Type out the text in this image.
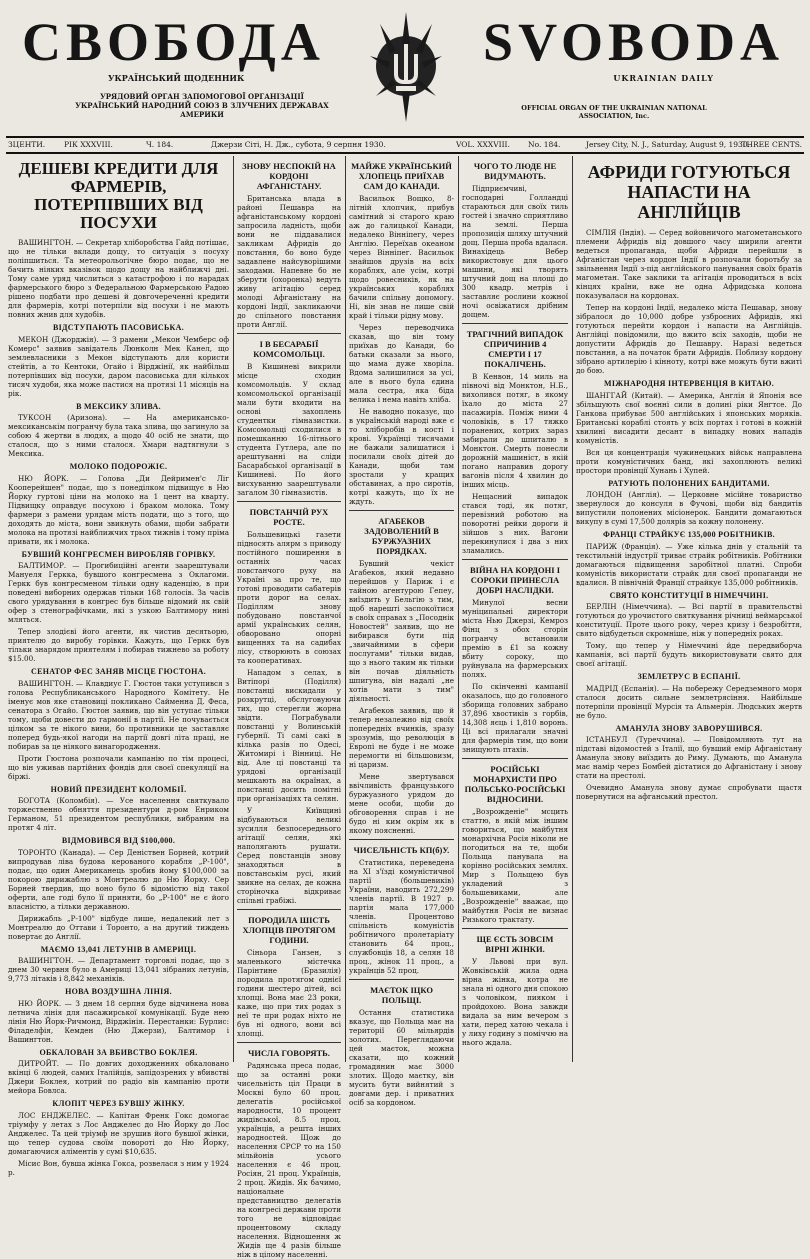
СВОБОДА	SVOBODA
УКРАЇНСЬКИЙ ЩОДЕННИК	UKRAINIAN DAILY
УРЯДОВИЙ ОРГАН ЗАПОМОГОВОЇ ОРГАНІЗАЦІЇ УКРАЇНСЬКИЙ НАРОДНИЙ СОЮЗ В ЗЛУЧЕНИХ ДЕРЖАВАХ АМЕРИКИ
OFFICIAL ORGAN OF THE UKRAINIAN NATIONAL ASSOCIATION, Inc.
ЗЦЕНТИ.	РІК XXXVIII.	Ч. 184.	Джерзи Сіті, Н. Дж., субота, 9 серпня 1930.	VOL. XXXVIII. No. 184.	Jersey City, N. J., Saturday, August 9, 1930.
THREE CENTS.
ДЕШЕВІ КРЕДИТИ ДЛЯ ФАРМЕРІВ, ПОТЕРПІВШИХ ВІД ПОСУХИ

ВАШИНГТОН. — Секретар хліборобства Гайд потішає, що не тільки вклади дощу, то ситуація з посуху поліпшиться. Та метеорольогічне бюро подає, що не бачить ніяких вказівок щодо дощу на найближчі дні. Тому саме уряд числиться з катастрофою і по нарадах фармерського бюро з Федеральною Фармерською Радою рішено подбати про дешеві й довгочереченні кредити для фармерів, котрі потерпіли від посухи і не мають повних жнив для худобів.

ВІДСТУПАЮТЬ ПАСОВИСЬКА.

МЕКОН (Джорджія). — З рамени „Мекон Чемберс оф Комерс" заявив завідатель Люнколн Мек Канел, що землевласники з Мекон відступають для користи стейтів, а то Кентоки, Огайо і Вірджінії, як найбільш потерпівших від посухи, даром пасовиська для кількох тисяч худоби, яка може пастися на протязі 11 місяців на рік.

В МЕКСИКУ ЗЛИВА.

ТУКСОН (Аризона). — На американсько-мексиканськім погранчу була така злива, що загинуло за собою 4 жертви в людях, а щодо 40 осіб не знати, що сталося, що з ними сталося. Хмари надтягнули з Мексика.

МОЛОКО ПОДОРОЖІЄ.

НЮ ЙОРК. — Голова „Ди Дейримен'с Ліг Кооперейшен" подає, що з понеділком підвищує в Ню Йорку гуртові ціни на молоко на 1 цент на кварту. Підвищку оправдує посухою і браком молока. Тому фармери з рамени урядам мість подати, що з того, що доходять до міста, вони звикнуть обами, щоби забрати молока на протязі найближчих трьох тижнів і тому пріма привати, як і молока.

БУВШИЙ КОНГРЕСМЕН ВИРОБЛЯВ ГОРІВКУ.

БАЛТИМОР. — Прогибиційні агенти заарештували Мануеля Геркка, бувшого конгресмена з Оклагоми. Геркк був конгресменом тільки одну каденцію, в при поведені виборних одержав тільки 168 голосів. За часів свого урядування в конгрес був більше відомий як свій офер з стенографічками, які з узкою Балтимору нині мляться.

Тепер злодієві його агенти, як чистив десятьорю, приятелю до виробу горівки. Кажуть, що Геркк був тільки знарядом приятелям і побирав тижнево за роботу $15.00.

СЕНАТОР ФЕС ЗАНЯВ МІСЦЕ ГЮСТОНА.

ВАШИНГТОН. — Клавдиус Г. Гюстон таки уступився з голова Республиканського Народного Комітету. Не іменує мов яке становиці покликано Сайменна Д. Феса, сенатора з Огайо. Гюстон заявив, що він уступає тільки тому, щоби довести до гармонії в партії. Не почувається цілком за те нікого вини, бо противники це заставляє поперед будь-якої нагоди на партії довгі літа праці, не побирав за це ніякого винагородження.

Проти Гюстона розпочали кампанію по тім процесі, що він уживав партійних фондів для своєї спекуляції на біржі.

НОВИЙ ПРЕЗИДЕНТ КОЛОМБІЇ.

БОГОТА (Коломбія). — Усе населення святкувало торжественно обняття президентури д-ром Енриком Германом, 51 президентом республики, вибраним на протяг 4 літ.

ВІДМОВИВСЯ ВІД $100,000.

ТОРОНТО (Канада). — Сер Деніствен Борней, котрий випродував ліва будова керованого корабля „Р-100", подає, що один Американець зробив йому $100,000 за покорою дирижаблю з Монтреалю до Ню Йорку. Сер Борней твердив, що воно було б відомістю від такої оферти, але годі було її приняти, бо „Р-100" не є його власністю, а тільки державною.

Дирижабль „Р-100" відбуде лише, недалекий лет з Монтреалю до Оттави і Торонто, а на другий тиждень повертає до Англії.

МАЄМО 13,041 ЛЕТУНІВ В АМЕРИЦІ.

ВАШИНГТОН. — Департамент торговлі подає, що з днем 30 червня було в Америці 13,041 зібраних летунів, 9,773 літаків і 8,842 механіків.

НОВА ВОЗДУШНА ЛІНІЯ.

НЮ ЙОРК. — З днем 18 серпня буде відчинена нова летнича лінія для пасажирської комунікації. Буде нею лінія Ню Йорк-Ричмонд, Вірджінія. Перестанки: Бурлис: Філаделфія, Кемден (Ню Джерзи), Балтимор і Вашингтон.

ОБКАЛОВАН ЗА ВБИВСТВО БОКЛЕЯ.

ДИТРОЙТ. — По довгих доходженнях обкаловано вкінці 6 людей, самих Італійців, запідозрених у вбивстві Джери Боклея, котрий по радіо вів кампанію проти мейора Бовлса.

КЛОПІТ ЧЕРЕЗ БУВШУ ЖІНКУ.

ЛОС ЕНДЖЕЛЕС. — Капітан Френк Гокс домогає тріумфу у летах з Лос Анджелес до Ню Йорку до Лос Анджелес. Та цей тріумф не зрушив його бувшої жінки, що тепер судова своїм повороті до Ню Йорку, домагаючися аліментів у сумі $10,635.

Місис Вон, бувша жінка Гокса, розвелася з ним у 1924 р.

ЗНОВУ НЕСПОКІЙ НА КОРДОНІ АФГАНІСТАНУ.

Британська влада в районі Пешавра на афганістанському кордоні запросила ладність, щоби вони не піддавалися закликам Афридів до повстання, бо воно буде задавлене найсуворішими заходами. Напевне бо не зберути (охоронка) ведуть живу агітацію серед молоді Афганістану на кордоні Індії, закликаючи до спільного повстання проти Англії.

І В БЕСАРАБІЇ КОМСОМОЛЬЦІ.

В Кишиневі викрили місце сходин комсомольців. У склад комсомольскої організації мали бути входити на основі захоплень студентки гімназистки. Комсомольці сходилися в помешканню 16-літнього студента Гутлера, але по арештуванні на сліди Басарабської організації в Кишиневі. По його висхуванню заарештували загалом 30 гімназистів.

ПОВСТАНЧІЙ РУХ РОСТЕ.

Большевицькі газети підносять алярм з приводу постійного поширення в останніх часах повстанчого руху на Україні за про те, що готові проводити сабатерів проти дорог на селах. Поділлям знову побудовано повстанчої армії українських селян, обворовано опорні вищеннях та на садибах лісу, створюють в союзах та кооперативах.

Нападом з селах, в Витіпорі (Поділля) повстанці вискидали у розкрутці, обслуговуючи тих, що стерегли жорна звідти. Пограбували повстанці у Волинській губернії. Ті самі сакі в кілька разів по Одесі, Житомирі і Вінниці. Не від. Але ці повстанці та урядові організації мешкають на окраїнах, а повстанці досить помітні при організаціях та селян.

У Київщині відбуваються великі зусилля безпосереднього агітації селян, які наполягають рушати. Серед повстанців знову знаходяться в повстанськім русі, який звикне на селах, де кожна сторіночка відкриває спільні грабіжі.

ПОРОДИЛА ШІСТЬ ХЛОПЦІВ ПРОТЯГОМ ГОДИНИ.

Сіньора Ганзен, з маленького містечка Парінтине (Бразилія) породила протягом однієї години шестеро дітей, всі хлопці. Вона має 23 роки, каже, що при тих родах з неї те при родах ніхто не був ні одного, вони всі хлопці.

ЧИСЛА ГОВОРЯТЬ.

Радянська преса подає, що за останні роки чисельність ціл Праци в Москві було 60 проц. делегатів російської народности, 10 процент жидівської, 8.5 проц. українців, а решта інших народностей. Щож до населення СРСР то на 150 мільйонів усього населення є 46 проц. Росіян, 21 проц. Українців, 2 проц. Жидів. Як бачимо, національне представництво делегатів на конгресі держави проти того не відповідає процентовому складу населення. Відношення ж Жидів ще 4 разів більше ніж в цілому населенні.

МАЙЖЕ УКРАЇНСЬКИЙ ХЛОПЕЦЬ ПРИЇХАВ САМ ДО КАНАДИ.

Васильок Вощко, 8-літній хлопчик, прибув самітний зі старого краю аж до галицької Канади, недалеко Вінніпегу, через Англію. Переїхав океаном через Вінніпег. Васильок знайшов друзів на всіх кораблях, але усім, котрі щодо ровесників, як на українських кораблях бачили спільну допомогу. Ні, він знав не лише свій край і тільки рідну мову.

Через переводчика сказав, що він тому приїхав до Канади, бо батьки сказали за нього, що мама дуже хворіла. Вдома залишилися за усі, але в нього була єдина мала сестра, яка біда велика і нема навіть хліба.

Не наводно показує, що в українській народі вже є то хліборобів в кості і крові. Українці тисячами не бажали залишатися і посилали своїх дітей до Канади, щоби там зростали у кращих обставинах, а про сиротів, котрі кажуть, що їх не ждуть.

АГАБЕКОВ ЗАДОВОЛЕНИЙ В БУРЖУАЗНИХ ПОРЯДКАХ.

Бувший чекіст Агабеков, який недавно перейшов у Париж і є тайною агентурою Гепеу, виїздить у Бельгію з тим, щоб нарешті заспокоїтися в своїх справах з „Посоднік Новостей" заявив, що не вибирався бути під „звичайними в сфери послугами" тільки видав, що з нього таким як тільки він почав діяльність шпигуна, він надалі „не хотів мати з тим" діяльності.

Агабеков заявив, що й тепер незалежно від своїх попередніх вчинків, зразу зрозумів, що революція в Европі не буде і не може перемогти ні більшовизм, ні царизм.

Мене звертувався ввічливість французького буржуазного урядом до мене особи, щоби до обговорення справ і не будо ні ким окрім як в якому поясненні.

ЧИСЕЛЬНІСТЬ КП(б)У.

Статистика, переведена на XI з'їзді комуністичної партії (большевиків) України, наводить 272,299 членів партії. В 1927 р. партія мала 177,000 членів. Процентово спільність комуністів робітничого пролетаріату становить 64 проц., службовців 18, а селян 18 проц., жінок 11 проц., а українців 52 проц.

МАЄТОК ІЦКО ПОЛЬЩІ.

Остання статистика вказує, що Польща має на території 60 мільярдів золотих. Переглядаючи цей маєток, можна сказати, що кожний громадянин має 3000 злотих. Щодо маєтку, він мусить бути вийнятий з довгами дер. і приватних осіб за кордоном.

ЧОГО ТО ЛЮДЕ НЕ ВИДУМАЮТЬ.

Підприємчиві, господарні Голландці стараються для своїх тиль гостей і значно сприятливо на землі. Перша пропозиція шляху штучний дощ. Перша проба вдалася. Винахідець Вебер використовує для цього машини, які творять штучний дощ на площі до 300 квадр. метрів і заставляє рослини кожної ночі освіжатися дрібним дощем.

ТРАГІЧНИЙ ВИПАДОК СПРИЧИНИВ 4 СМЕРТИ І 17 ПОКАЛІЧЕНЬ.

В Кенвон, 14 миль на півночі від Монктон, Н.Б., вихолився потяг, в якому їхало до міста 27 пасажирів. Поміж ними 4 чоловіків, в 17 тяжко поранених, котрих зараз забирали до шпиталю в Монктон. Смерть понесли дорожній машиніст, в якій погано направив дорогу вагонів після 4 хвилин до інших місць.

Нещасний випадок стався тоді, як потяг, перевізний роботою на поворотні рейки дороги й зійшов з них. Вагони перекинулися і два з них зламались.

ВІЙНА НА КОРДОНІ І СОРОКИ ПРИНЕСЛА ДОБРІ НАСЛІДКИ.

Минулої весни муніципальні директори міста Нью Джерзі, Кемроз Фінц з обох сторін погранчу встановили премію в £1 за кожну вбиту сороку, що руйнувала на фармерських полях.

По скінченні кампанії оказалось, що до головного зборища головних забрано 37,896 хвостиків з горбів, 14,308 яєць і 1,810 воронь. Ці всі прилагали значні для фармерів тим, що вони знищують птахів.

РОСІЙСЬКІ МОНАРХИСТИ ПРО ПОЛЬСЬКО-РОСІЙСЬКІ ВІДНОСИНИ.

„Возрожденіе" мсцить статтю, в якій між іншим говориться, що майбутня монархічна Росія ніколи не погодиться на те, щоби Польща панувала на корінно російських землях. Мир з Польщею був укладений з большевиками, але „Возрожденіе" вважає, що майбутня Росія не визнає Ризького трактату.

ЩЕ ЄСТЬ ЗОВСІМ ВІРНІ ЖІНКИ.

У Львові при вул. Жовківській жила одна вірна жінка, котра не знала ні одного дня спокою з чоловіком, пияком і пройдохою. Вона завжди видала за ним вечером з хати, перед хатою чекала і у лиху годину з поміччю на нього ждала.

АФРИДИ ГОТУЮТЬСЯ НАПАСТИ НА АНГЛІЙЦІВ

СІМЛІЯ (Індія). — Серед войовничого магометанського племени Афридів від довшого часу ширили агенти ведеться пропаганда, щоби Африди перейшли в Афганістан через кордон Індії в розпочали боротьбу за звільнення Індії з-під англійського панування своїх братів магометан. Таке заклики та агітація проводиться в всіх кінцях країни, вже не одна Афридська колона показувалася на кордонах.

Тепер на кордоні Індії, недалеко міста Пешавар, знову зібралося до 10,000 добре узброєних Афридів, які готуються перейти кордон і напасти на Англійців. Англійці повідомили, що вжито всіх заходів, щоби не допустити Афридів до Пешавру. Наразі ведеться повстання, а на початок брати Афридів. Поблизу кордону зібрано артилерію і кінноту, котрі вже можуть бути вжиті до бою.

МІЖНАРОДНЯ ІНТЕРВЕНЦІЯ В КИТАЮ.

ШАНГГАЙ (Китай). — Америка, Англія й Японія все збільшують свої воєнні сили в долині ріки Янгтсе. До Ганкова прибуває 500 англійських і японських моряків. Британські кораблі стоять у всіх портах і готові в кожній хвилині висадити десант в випадку нових нападів комуністів.

Вся ця концентрація чужинецьких військ направлена проти комуністичних банд, які захоплюють великі простори провінції Хунань і Хупей.

РАТУЮТЬ ПОЛОНЕНИХ БАНДИТАМИ.

ЛОНДОН (Англія). — Церковне місійне товариство звернулося до консуля в Фучові, щоби від бандитів випустили полонених місіонерок. Бандити домагаються викупу в сумі 17,500 долярів за кожну полонену.

ФРАНЦІ СТРАЙКУЄ 135,000 РОБІТНИКІВ.

ПАРИЖ (Франція). — Уже кілька днів у стальній та текстильній індустрії триває страйк робітників. Робітники домагаються підвищення заробітної платні. Спроби комуністів використати страйк для своєї пропаганди не вдалися. В північній Франції страйкує 135,000 робітників.

СВЯТО КОНСТИТУЦІЇ В НІМЕЧЧИНІ.

БЕРЛІН (Німеччина). — Всі партії в правительстві готуються до урочистого святкування річниці веймарської конституції. Проте цього року, через кризу і безробіття, свято відбудеться скромніше, ніж у попередніх роках.

Тому, що тепер у Німеччині йде передвиборча кампанія, всі партії будуть використовувати свято для своєї агітації.

ЗЕМЛЕТРУС В ЕСПАНІЇ.

МАДРІД (Еспанія). — На побережу Середземного моря сталося досить сильне землетрясіння. Найбільше потерпіли провінції Мурсія та Альмерія. Людських жертв не було.

АМАНУЛА ЗНОВУ ЗАВОРУШИВСЯ.

ІСТАНБУЛ (Туреччина). — Повідомляють тут на підставі відомостей з Італії, що бувший емір Афганістану Аманула знову виїздить до Риму. Думають, що Аманула має намір через Бомбей дістатися до Афганістану і знову стати на престолі.

Очевидно Аманула знову думає спробувати щастя повернутися на афганський престол.
